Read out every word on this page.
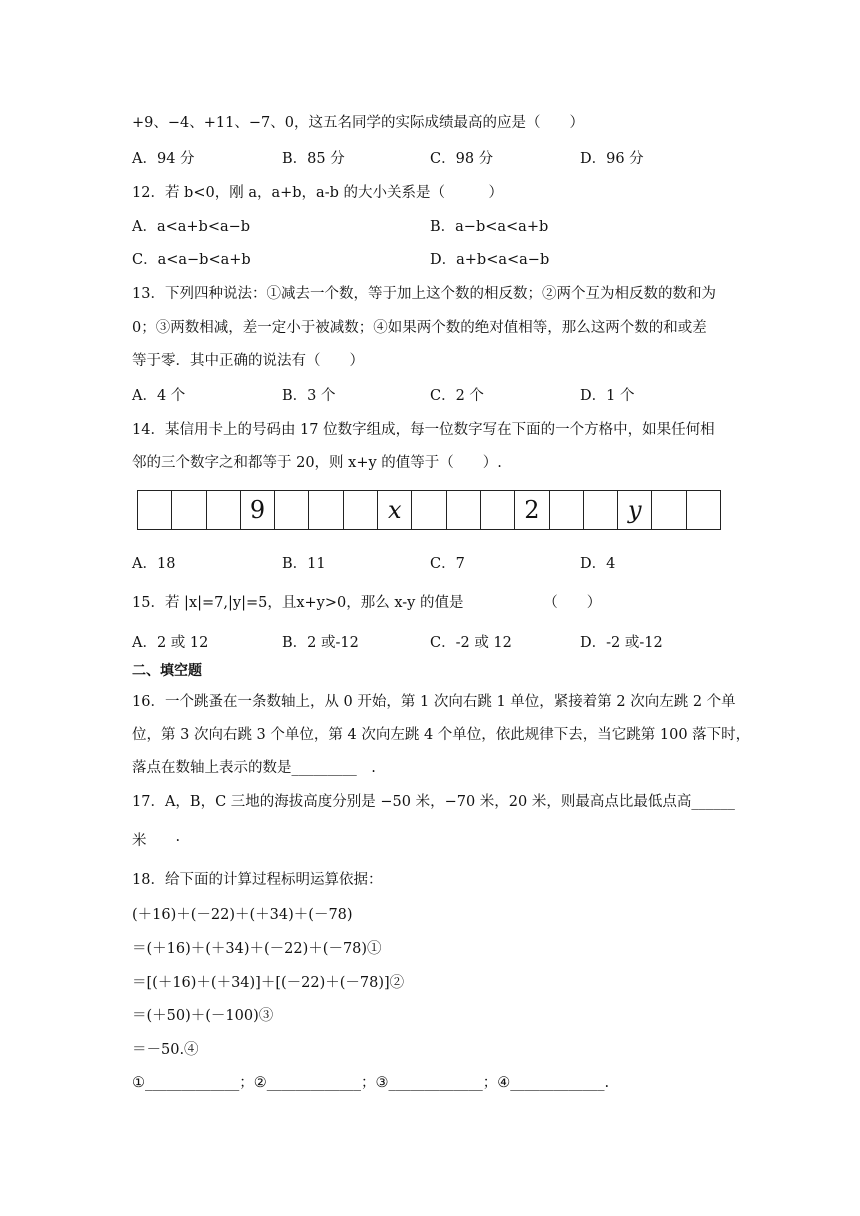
+9、−4、+11、−7、0，这五名同学的实际成绩最高的应是（　　）
A．94 分	B．85 分	C．98 分	D．96 分
12．若 b<0，刚 a，a+b，a-b 的大小关系是（　　　）
A．a<a+b<a−b	B．a−b<a<a+b
C．a<a−b<a+b	D．a+b<a<a−b
13．下列四种说法：①减去一个数，等于加上这个数的相反数；②两个互为相反数的数和为
0；③两数相减，差一定小于被减数；④如果两个数的绝对值相等，那么这两个数的和或差
等于零．其中正确的说法有（　　）
A．4 个	B．3 个	C．2 个	D．1 个
14．某信用卡上的号码由 17 位数字组成，每一位数字写在下面的一个方格中，如果任何相
邻的三个数字之和都等于 20，则 x+y 的值等于（　　）.
9	x	2	y
A．18	B．11	C．7	D．4
15．若 |x|=7,|y|=5，且x+y>0，那么 x-y 的值是　　　　　　（　　）
A．2 或 12	B．2 或-12	C．-2 或 12	D．-2 或-12
二、填空题
16．一个跳蚤在一条数轴上，从 0 开始，第 1 次向右跳 1 单位，紧接着第 2 次向左跳 2 个单
位，第 3 次向右跳 3 个单位，第 4 次向左跳 4 个单位，依此规律下去，当它跳第 100 落下时，
落点在数轴上表示的数是_________　.
17．A，B，C 三地的海拔高度分别是 −50 米，−70 米，20 米，则最高点比最低点高______
米　　·
18．给下面的计算过程标明运算依据：
(＋16)＋(－22)＋(＋34)＋(－78)
＝(＋16)＋(＋34)＋(－22)＋(－78)①
＝[(＋16)＋(＋34)]＋[(－22)＋(－78)]②
＝(＋50)＋(－100)③
＝－50.④
①_____________；②_____________；③_____________；④_____________.
